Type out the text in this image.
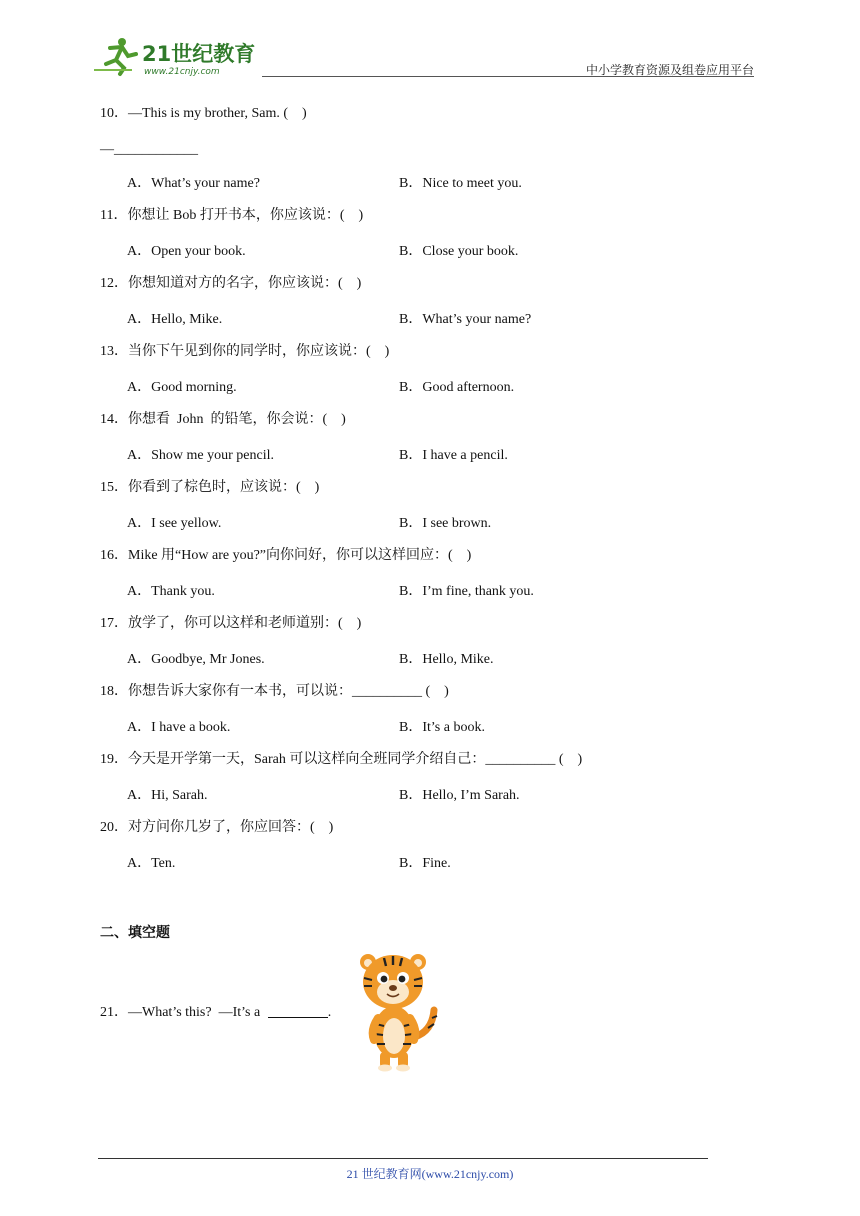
21世纪教育
www.21cnjy.com	中小学教育资源及组卷应用平台
10．—This is my brother, Sam. (    )
—____________
A．What’s your name?	B．Nice to meet you.
11．你想让 Bob 打开书本，你应该说：(    )
A．Open your book.	B．Close your book.
12．你想知道对方的名字，你应该说：(    )
A．Hello, Mike.	B．What’s your name?
13．当你下午见到你的同学时，你应该说：(    )
A．Good morning.	B．Good afternoon.
14．你想看  John  的铅笔，你会说：(    )
A．Show me your pencil.	B．I have a pencil.
15．你看到了棕色时，应该说：(    )
A．I see yellow.	B．I see brown.
16．Mike 用“How are you?”向你问好，你可以这样回应：(    )
A．Thank you.	B．I’m fine, thank you.
17．放学了，你可以这样和老师道别：(    )
A．Goodbye, Mr Jones.	B．Hello, Mike.
18．你想告诉大家你有一本书，可以说：__________ (    )
A．I have a book.	B．It’s a book.
19．今天是开学第一天，Sarah 可以这样向全班同学介绍自己：__________ (    )
A．Hi, Sarah.	B．Hello, I’m Sarah.
20．对方问你几岁了，你应回答：(    )
A．Ten.	B．Fine.
二、填空题
21．—What’s this?  —It’s a	.
21 世纪教育网(www.21cnjy.com)
